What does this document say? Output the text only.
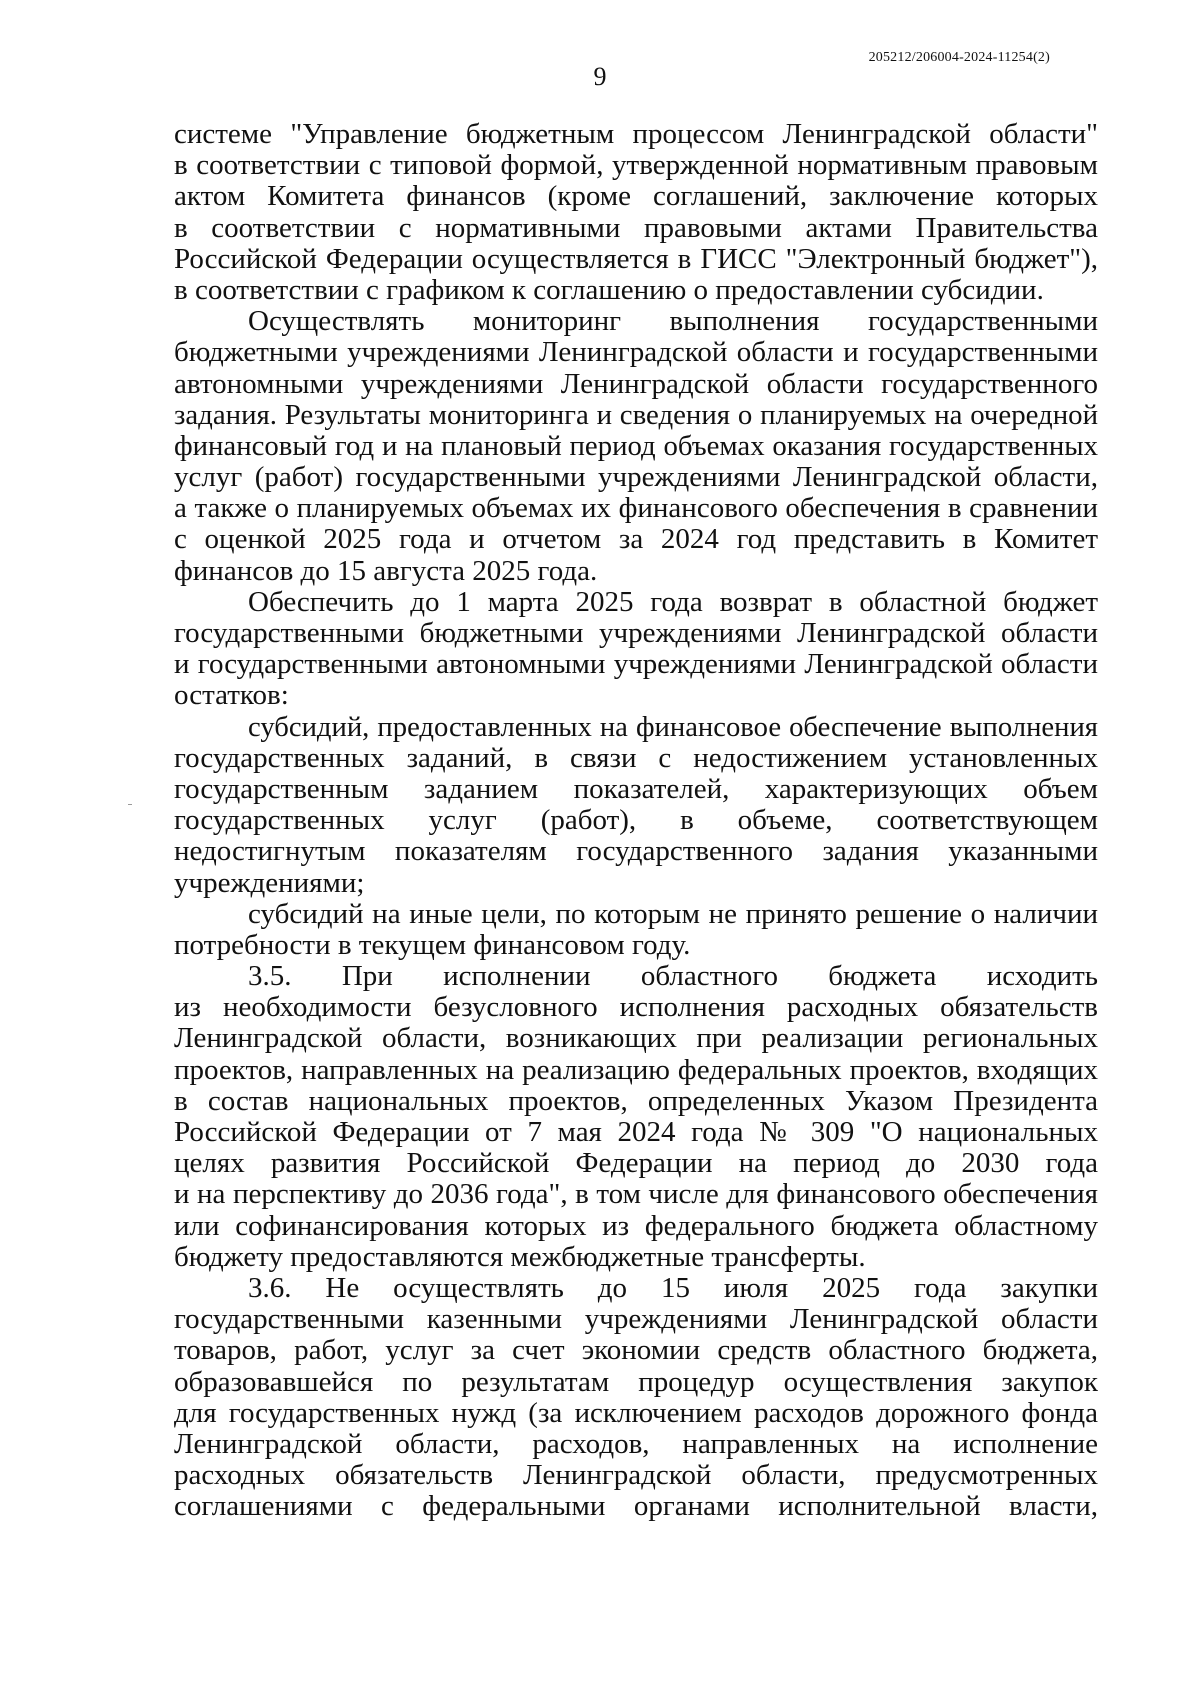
205212/206004-2024-11254(2)
9
системе "Управление бюджетным процессом Ленинградской области"
в соответствии с типовой формой, утвержденной нормативным правовым
актом Комитета финансов (кроме соглашений, заключение которых
в соответствии с нормативными правовыми актами Правительства
Российской Федерации осуществляется в ГИСС "Электронный бюджет"),
в соответствии с графиком к соглашению о предоставлении субсидии.
Осуществлять мониторинг выполнения государственными
бюджетными учреждениями Ленинградской области и государственными
автономными учреждениями Ленинградской области государственного
задания. Результаты мониторинга и сведения о планируемых на очередной
финансовый год и на плановый период объемах оказания государственных
услуг (работ) государственными учреждениями Ленинградской области,
а также о планируемых объемах их финансового обеспечения в сравнении
с оценкой 2025 года и отчетом за 2024 год представить в Комитет
финансов до 15 августа 2025 года.
Обеспечить до 1 марта 2025 года возврат в областной бюджет
государственными бюджетными учреждениями Ленинградской области
и государственными автономными учреждениями Ленинградской области
остатков:
субсидий, предоставленных на финансовое обеспечение выполнения
государственных заданий, в связи с недостижением установленных
государственным заданием показателей, характеризующих объем
государственных услуг (работ), в объеме, соответствующем
недостигнутым показателям государственного задания указанными
учреждениями;
субсидий на иные цели, по которым не принято решение о наличии
потребности в текущем финансовом году.
3.5. При исполнении областного бюджета исходить
из необходимости безусловного исполнения расходных обязательств
Ленинградской области, возникающих при реализации региональных
проектов, направленных на реализацию федеральных проектов, входящих
в состав национальных проектов, определенных Указом Президента
Российской Федерации от 7 мая 2024 года № 309 "О национальных
целях развития Российской Федерации на период до 2030 года
и на перспективу до 2036 года", в том числе для финансового обеспечения
или софинансирования которых из федерального бюджета областному
бюджету предоставляются межбюджетные трансферты.
3.6. Не осуществлять до 15 июля 2025 года закупки
государственными казенными учреждениями Ленинградской области
товаров, работ, услуг за счет экономии средств областного бюджета,
образовавшейся по результатам процедур осуществления закупок
для государственных нужд (за исключением расходов дорожного фонда
Ленинградской области, расходов, направленных на исполнение
расходных обязательств Ленинградской области, предусмотренных
соглашениями с федеральными органами исполнительной власти,
